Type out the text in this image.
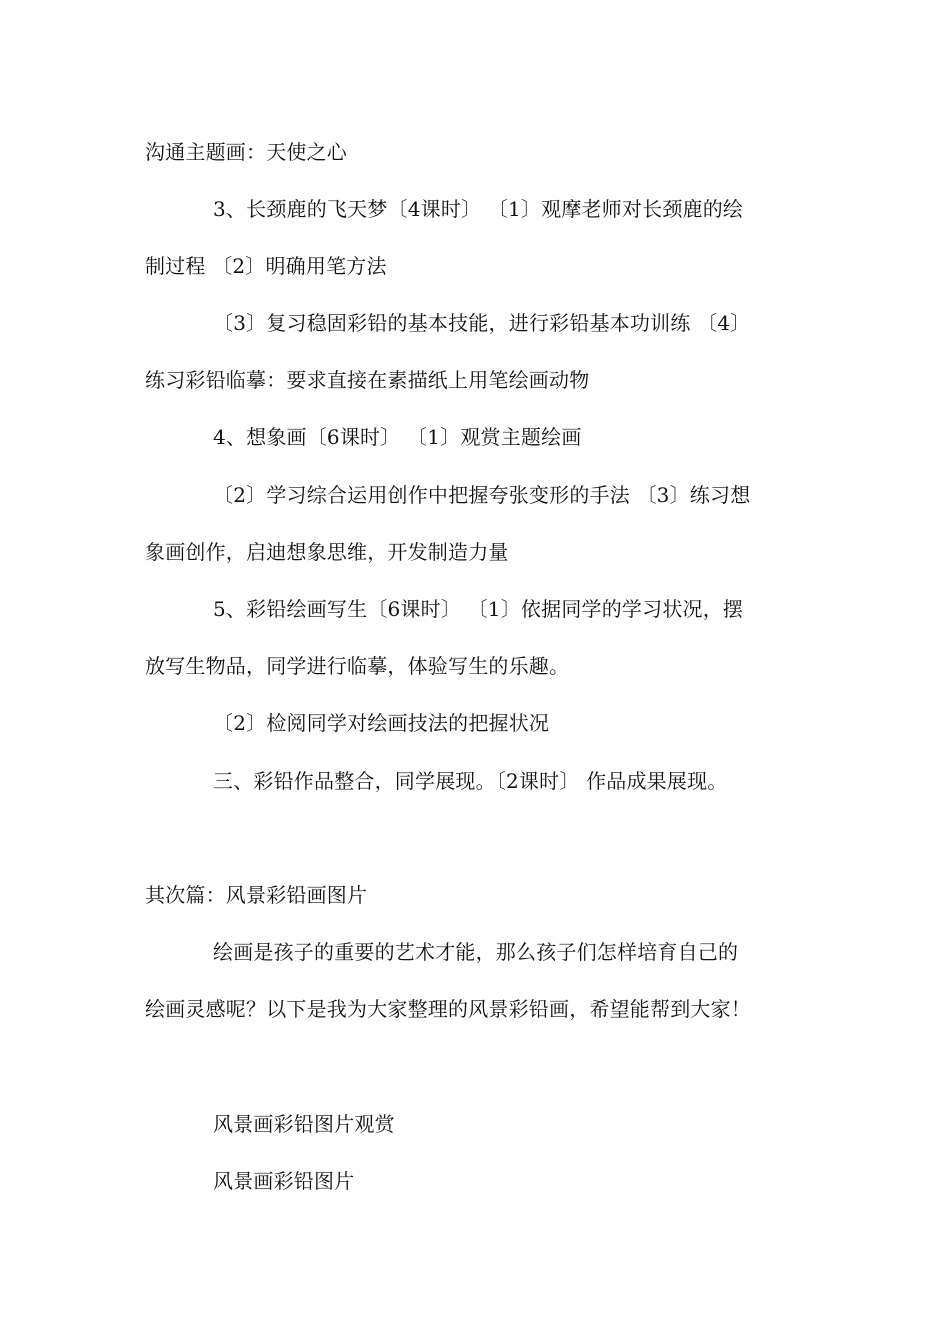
沟通主题画：天使之心
3、长颈鹿的飞天梦〔4课时〕 〔1〕观摩老师对长颈鹿的绘
制过程 〔2〕明确用笔方法
〔3〕复习稳固彩铅的基本技能，进行彩铅基本功训练 〔4〕
练习彩铅临摹：要求直接在素描纸上用笔绘画动物
4、想象画〔6课时〕 〔1〕观赏主题绘画
〔2〕学习综合运用创作中把握夸张变形的手法 〔3〕练习想
象画创作，启迪想象思维，开发制造力量
5、彩铅绘画写生〔6课时〕 〔1〕依据同学的学习状况，摆
放写生物品，同学进行临摹，体验写生的乐趣。
〔2〕检阅同学对绘画技法的把握状况
三、彩铅作品整合，同学展现。〔2课时〕 作品成果展现。
其次篇：风景彩铅画图片
绘画是孩子的重要的艺术才能，那么孩子们怎样培育自己的
绘画灵感呢？以下是我为大家整理的风景彩铅画，希望能帮到大家！
风景画彩铅图片观赏
风景画彩铅图片
